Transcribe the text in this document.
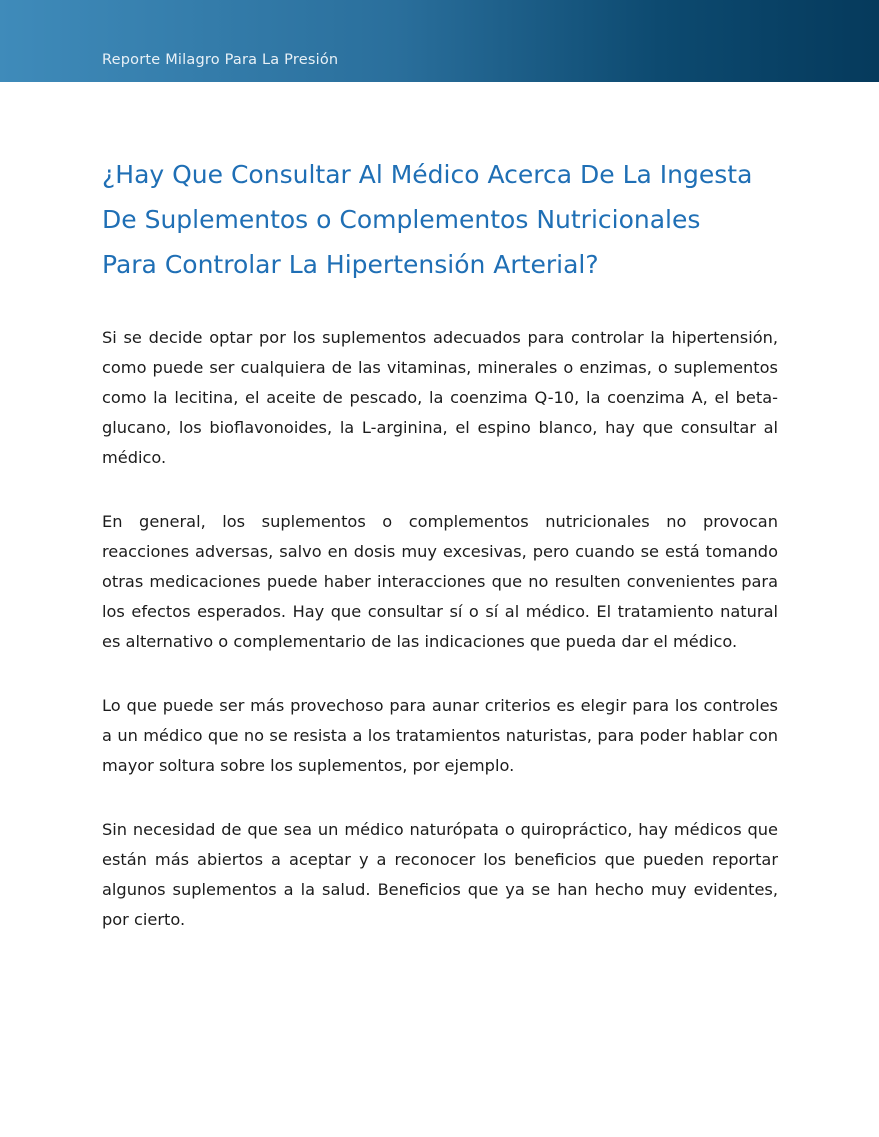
Reporte Milagro Para La Presión
¿Hay Que Consultar Al Médico Acerca De La Ingesta
De Suplementos o Complementos Nutricionales
Para Controlar La Hipertensión Arterial?

Si se decide optar por los suplementos adecuados para controlar la hipertensión, como puede ser cualquiera de las vitaminas, minerales o enzimas, o suplementos como la lecitina, el aceite de pescado, la coenzima Q-10, la coenzima A, el beta-glucano, los bioflavonoides, la L-arginina, el espino blanco, hay que consultar al médico.

En general, los suplementos o complementos nutricionales no provocan reacciones adversas, salvo en dosis muy excesivas, pero cuando se está tomando otras medicaciones puede haber interacciones que no resulten convenientes para los efectos esperados. Hay que consultar sí o sí al médico. El tratamiento natural es alternativo o complementario de las indicaciones que pueda dar el médico.

Lo que puede ser más provechoso para aunar criterios es elegir para los controles a un médico que no se resista a los tratamientos naturistas, para poder hablar con mayor soltura sobre los suplementos, por ejemplo.

Sin necesidad de que sea un médico naturópata o quiropráctico, hay médicos que están más abiertos a aceptar y a reconocer los beneficios que pueden reportar algunos suplementos a la salud. Beneficios que ya se han hecho muy evidentes, por cierto.
